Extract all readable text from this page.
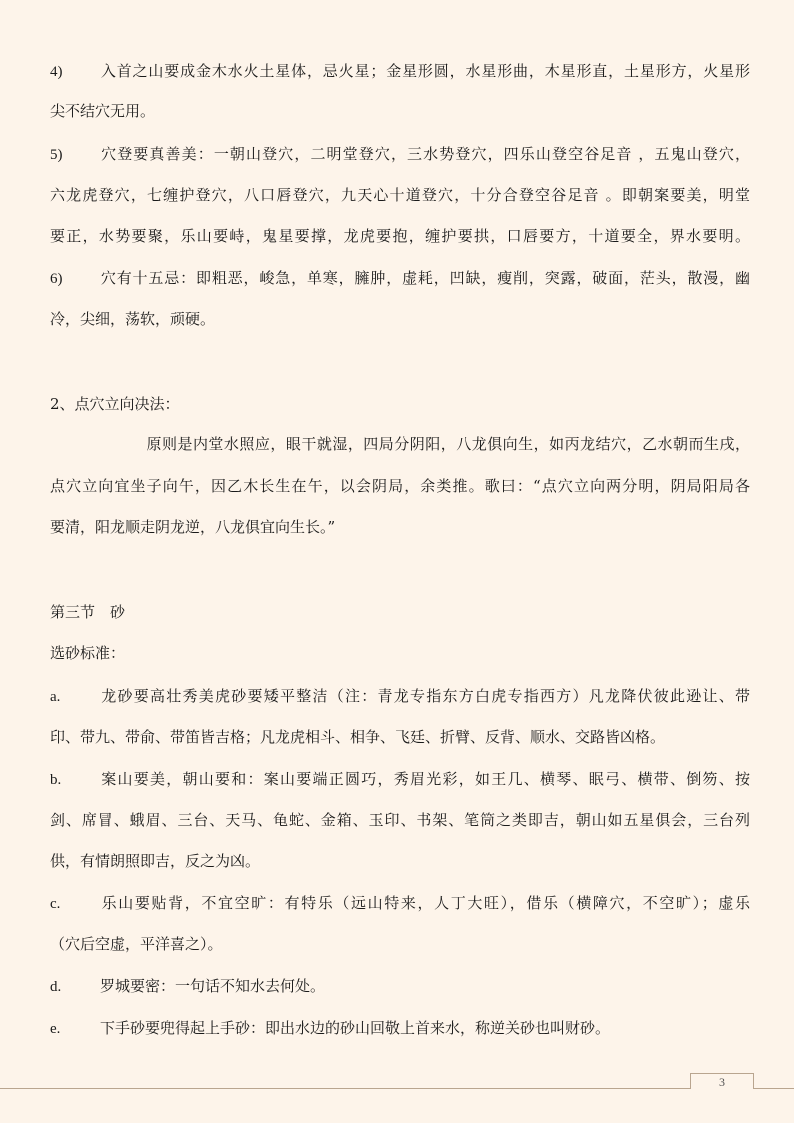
4)	入首之山要成金木水火土星体，忌火星；金星形圆，水星形曲，木星形直，土星形方，火星形
尖不结穴无用。
5)	穴登要真善美：一朝山登穴，二明堂登穴，三水势登穴，四乐山登空谷足音 ，五鬼山登穴，
六龙虎登穴，七缠护登穴，八口唇登穴，九天心十道登穴，十分合登空谷足音 。即朝案要美，明堂
要正，水势要聚，乐山要峙，鬼星要撑，龙虎要抱，缠护要拱，口唇要方，十道要全，界水要明。
6)	穴有十五忌：即粗恶，峻急，单寒，臃肿，虚耗，凹缺，瘦削，突露，破面，茫头，散漫，幽
冷，尖细，荡软，顽硬。
2、点穴立向决法：
原则是内堂水照应，眼干就湿，四局分阴阳，八龙俱向生，如丙龙结穴，乙水朝而生戌，
点穴立向宜坐子向午，因乙木长生在午，以会阴局，余类推。歌曰：“点穴立向两分明，阴局阳局各
要清，阳龙顺走阴龙逆，八龙俱宜向生长。”
第三节　砂
选砂标准：
a.	龙砂要高壮秀美虎砂要矮平整洁（注：青龙专指东方白虎专指西方）凡龙降伏彼此逊让、带
印、带九、带俞、带笛皆吉格；凡龙虎相斗、相争、飞廷、折臂、反背、顺水、交路皆凶格。
b.	案山要美，朝山要和：案山要端正圆巧，秀眉光彩，如王几、横琴、眠弓、横带、倒笏、按
剑、席冒、蛾眉、三台、天马、龟蛇、金箱、玉印、书架、笔筒之类即吉，朝山如五星俱会，三台列
供，有情朗照即吉，反之为凶。
c.	乐山要贴背，不宜空旷：有特乐（远山特来，人丁大旺），借乐（横障穴，不空旷）；虚乐
（穴后空虚，平洋喜之）。
d.	罗城要密：一句话不知水去何处。
e.	下手砂要兜得起上手砂：即出水边的砂山回敬上首来水，称逆关砂也叫财砂。
3
